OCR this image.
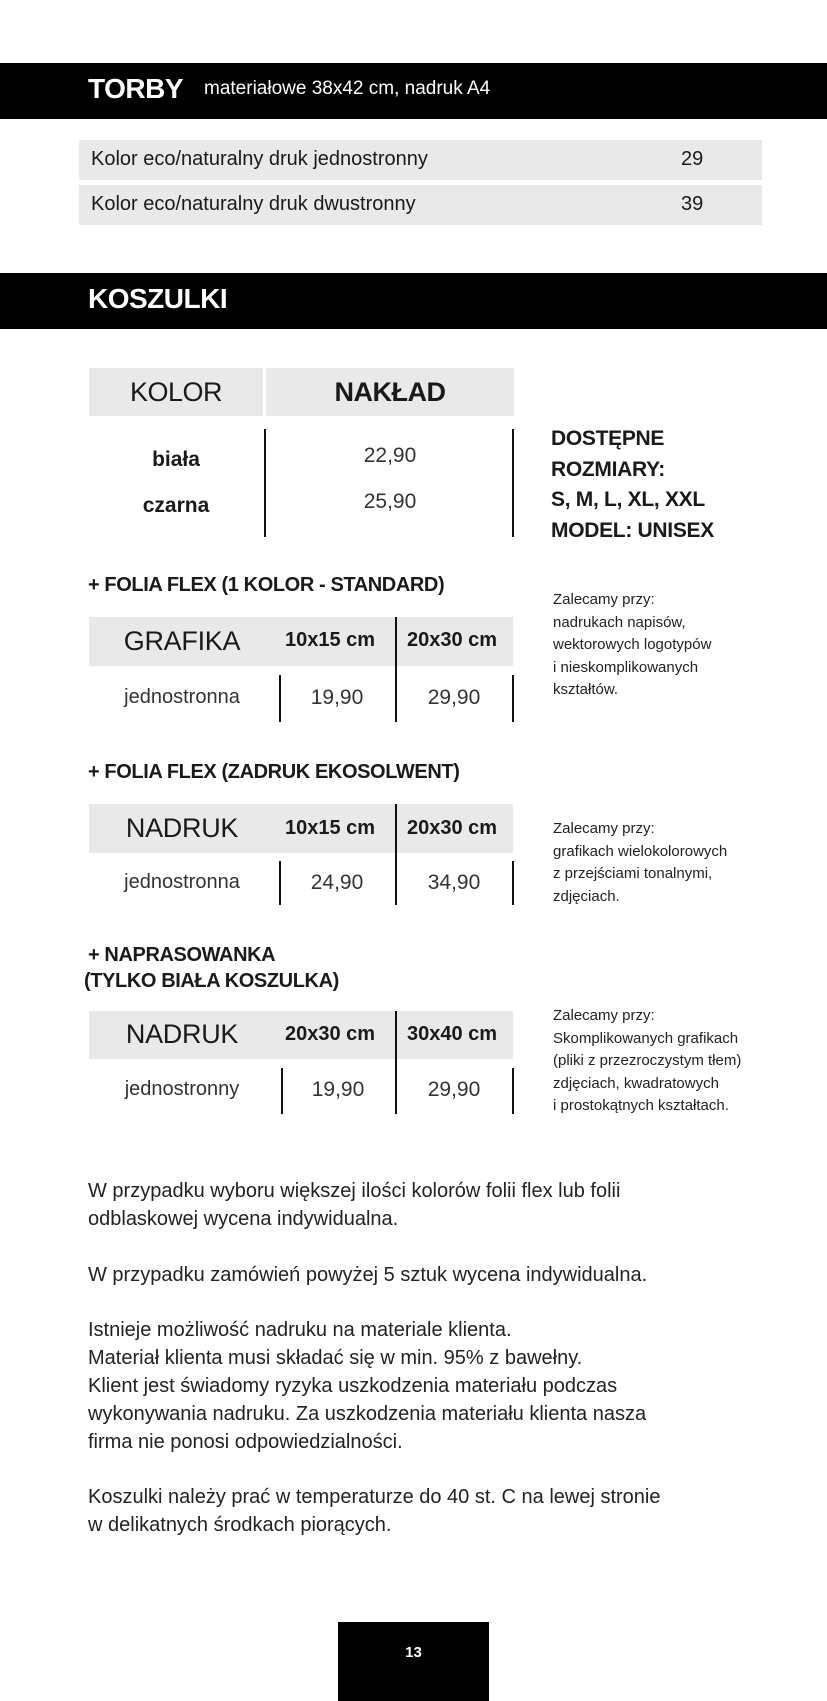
TORBY materiałowe 38x42 cm, nadruk A4
Kolor eco/naturalny druk jednostronny	29
Kolor eco/naturalny druk dwustronny	39
KOSZULKI
KOLOR	NAKŁAD
biała	22,90
czarna	25,90
DOSTĘPNE
ROZMIARY:
S, M, L, XL, XXL
MODEL: UNISEX
+ FOLIA FLEX (1 KOLOR - STANDARD)
GRAFIKA	10x15 cm	20x30 cm
jednostronna	19,90	29,90
Zalecamy przy:
nadrukach napisów,
wektorowych logotypów
i nieskomplikowanych
kształtów.
+ FOLIA FLEX (ZADRUK EKOSOLWENT)
NADRUK	10x15 cm	20x30 cm
jednostronna	24,90	34,90
Zalecamy przy:
grafikach wielokolorowych
z przejściami tonalnymi,
zdjęciach.
+ NAPRASOWANKA
(TYLKO BIAŁA KOSZULKA)
NADRUK	20x30 cm	30x40 cm
jednostronny	19,90	29,90
Zalecamy przy:
Skomplikowanych grafikach
(pliki z przezroczystym tłem)
zdjęciach, kwadratowych
i prostokątnych kształtach.
W przypadku wyboru większej ilości kolorów folii flex lub folii
odblaskowej wycena indywidualna.
W przypadku zamówień powyżej 5 sztuk wycena indywidualna.
Istnieje możliwość nadruku na materiale klienta.
Materiał klienta musi składać się w min. 95% z bawełny.
Klient jest świadomy ryzyka uszkodzenia materiału podczas
wykonywania nadruku. Za uszkodzenia materiału klienta nasza
firma nie ponosi odpowiedzialności.
Koszulki należy prać w temperaturze do 40 st. C na lewej stronie
w delikatnych środkach piorących.
13
